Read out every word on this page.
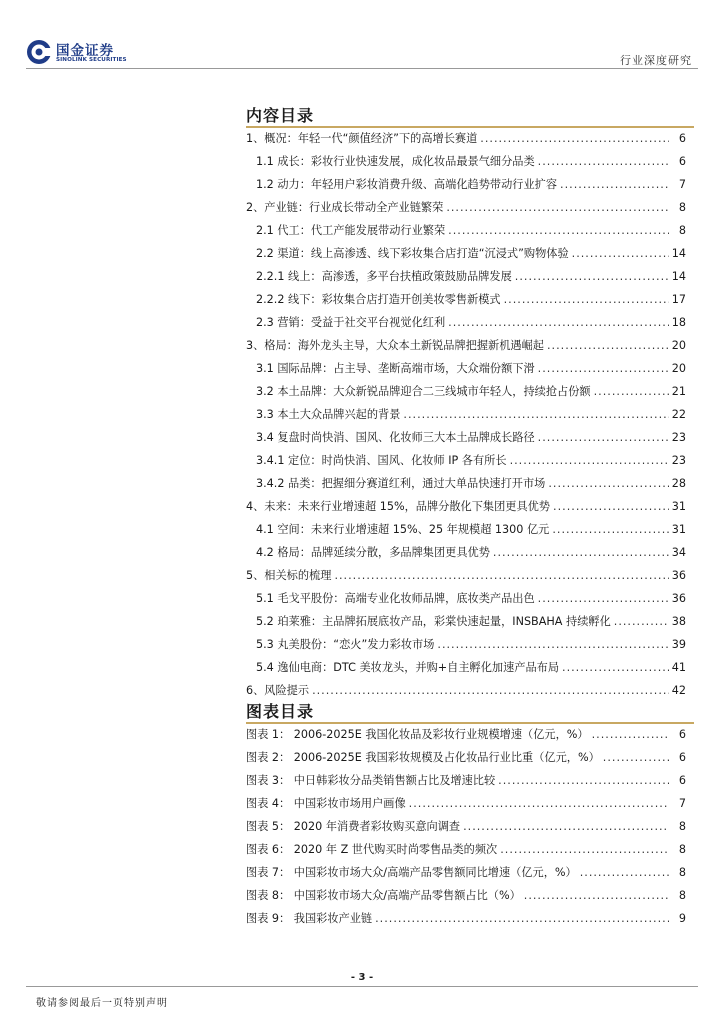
国金证券
SINOLINK SECURITIES	行业深度研究
内容目录
1、概况：年轻一代“颜值经济”下的高增长赛道 .....	6
1.1 成长：彩妆行业快速发展，成化妆品最景气细分品类 .....	6
1.2 动力：年轻用户彩妆消费升级、高端化趋势带动行业扩容 .....	7
2、产业链：行业成长带动全产业链繁荣 .....	8
2.1 代工：代工产能发展带动行业繁荣 .....	8
2.2 渠道：线上高渗透、线下彩妆集合店打造“沉浸式”购物体验 .....	14
2.2.1 线上：高渗透，多平台扶植政策鼓励品牌发展 .....	14
2.2.2 线下：彩妆集合店打造开创美妆零售新模式 .....	17
2.3 营销：受益于社交平台视觉化红利 .....	18
3、格局：海外龙头主导，大众本土新锐品牌把握新机遇崛起 .....	20
3.1 国际品牌：占主导、垄断高端市场，大众端份额下滑 .....	20
3.2 本土品牌：大众新锐品牌迎合二三线城市年轻人，持续抢占份额 .....	21
3.3 本土大众品牌兴起的背景 .....	22
3.4 复盘时尚快消、国风、化妆师三大本土品牌成长路径 .....	23
3.4.1 定位：时尚快消、国风、化妆师 IP 各有所长 .....	23
3.4.2 品类：把握细分赛道红利，通过大单品快速打开市场 .....	28
4、未来：未来行业增速超 15%，品牌分散化下集团更具优势 .....	31
4.1 空间：未来行业增速超 15%、25 年规模超 1300 亿元 .....	31
4.2 格局：品牌延续分散，多品牌集团更具优势 .....	34
5、相关标的梳理 .....	36
5.1 毛戈平股份：高端专业化妆师品牌，底妆类产品出色 .....	36
5.2 珀莱雅：主品牌拓展底妆产品，彩棠快速起量，INSBAHA 持续孵化 .....	38
5.3 丸美股份：“恋火”发力彩妆市场 .....	39
5.4 逸仙电商：DTC 美妆龙头，并购+自主孵化加速产品布局 .....	41
6、风险提示 .....	42
图表目录
图表 1： 2006-2025E 我国化妆品及彩妆行业规模增速（亿元，%） .....	6
图表 2： 2006-2025E 我国彩妆规模及占化妆品行业比重（亿元，%） .....	6
图表 3： 中日韩彩妆分品类销售额占比及增速比较 .....	6
图表 4： 中国彩妆市场用户画像 .....	7
图表 5： 2020 年消费者彩妆购买意向调查 .....	8
图表 6： 2020 年 Z 世代购买时尚零售品类的频次 .....	8
图表 7： 中国彩妆市场大众/高端产品零售额同比增速（亿元，%） .....	8
图表 8： 中国彩妆市场大众/高端产品零售额占比（%） .....	8
图表 9： 我国彩妆产业链 .....	9
- 3 -
敬请参阅最后一页特别声明
